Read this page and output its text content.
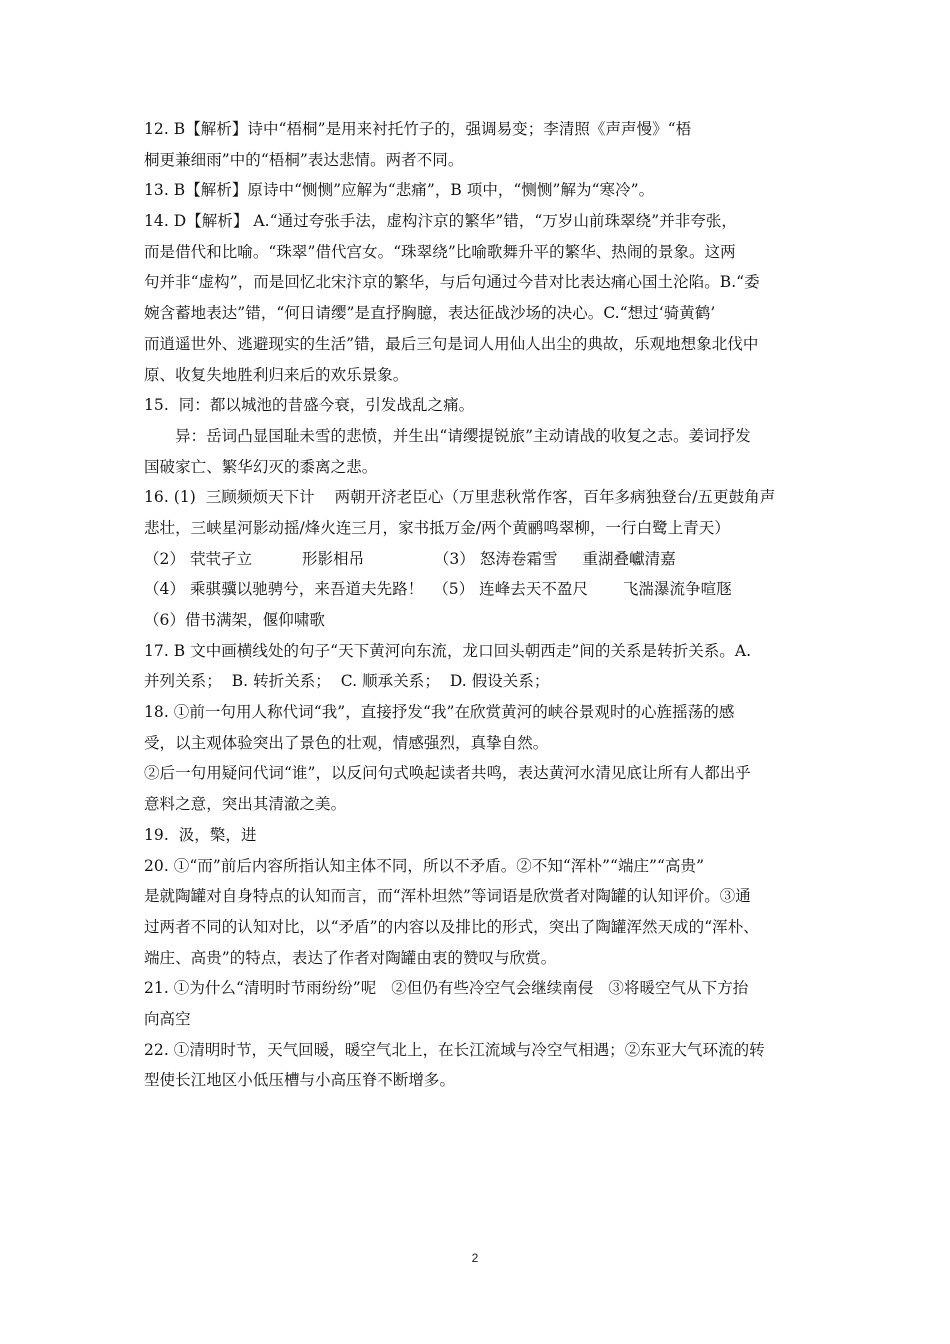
12. B【解析】诗中“梧桐”是用来衬托竹子的，强调易变；李清照《声声慢》“梧
桐更兼细雨”中的“梧桐”表达悲情。两者不同。
13. B【解析】原诗中“恻恻”应解为“悲痛”，B 项中，“恻恻”解为“寒冷”。
14. D【解析】 A.“通过夸张手法，虚构汴京的繁华”错，“万岁山前珠翠绕”并非夸张，
而是借代和比喻。“珠翠”借代宫女。“珠翠绕”比喻歌舞升平的繁华、热闹的景象。这两
句并非“虚构”，而是回忆北宋汴京的繁华，与后句通过今昔对比表达痛心国土沦陷。B.“委
婉含蓄地表达”错，“何日请缨”是直抒胸臆，表达征战沙场的决心。C.“想过‘骑黄鹤’
而逍遥世外、逃避现实的生活”错，最后三句是词人用仙人出尘的典故，乐观地想象北伐中
原、收复失地胜利归来后的欢乐景象。
15.  同：都以城池的昔盛今衰，引发战乱之痛。
异：岳词凸显国耻未雪的悲愤，并生出“请缨提锐旅”主动请战的收复之志。姜词抒发
国破家亡、繁华幻灭的黍离之悲。
16. (1)  三顾频烦天下计    两朝开济老臣心（万里悲秋常作客，百年多病独登台/五更鼓角声
悲壮，三峡星河影动摇/烽火连三月，家书抵万金/两个黄鹂鸣翠柳，一行白鹭上青天）
（2） 茕茕孑立          形影相吊              （3） 怒涛卷霜雪     重湖叠巘清嘉
（4） 乘骐骥以驰骋兮，来吾道夫先路！  （5） 连峰去天不盈尺       飞湍瀑流争喧豗
（6）借书满架，偃仰啸歌
17. B 文中画横线处的句子“天下黄河向东流，龙口回头朝西走”间的关系是转折关系。A.
并列关系；  B. 转折关系；  C. 顺承关系；  D. 假设关系；
18. ①前一句用人称代词“我”，直接抒发“我”在欣赏黄河的峡谷景观时的心旌摇荡的感
受，以主观体验突出了景色的壮观，情感强烈，真挚自然。
②后一句用疑问代词“谁”，以反问句式唤起读者共鸣，表达黄河水清见底让所有人都出乎
意料之意，突出其清澈之美。
19.  汲，檠，进
20. ①“而”前后内容所指认知主体不同，所以不矛盾。②不知“浑朴”“端庄”“高贵”
是就陶罐对自身特点的认知而言，而“浑朴坦然”等词语是欣赏者对陶罐的认知评价。③通
过两者不同的认知对比，以“矛盾”的内容以及排比的形式，突出了陶罐浑然天成的“浑朴、
端庄、高贵”的特点，表达了作者对陶罐由衷的赞叹与欣赏。
21. ①为什么“清明时节雨纷纷”呢   ②但仍有些冷空气会继续南侵   ③将暖空气从下方抬
向高空
22. ①清明时节，天气回暖，暖空气北上，在长江流域与冷空气相遇；②东亚大气环流的转
型使长江地区小低压槽与小高压脊不断增多。
2
